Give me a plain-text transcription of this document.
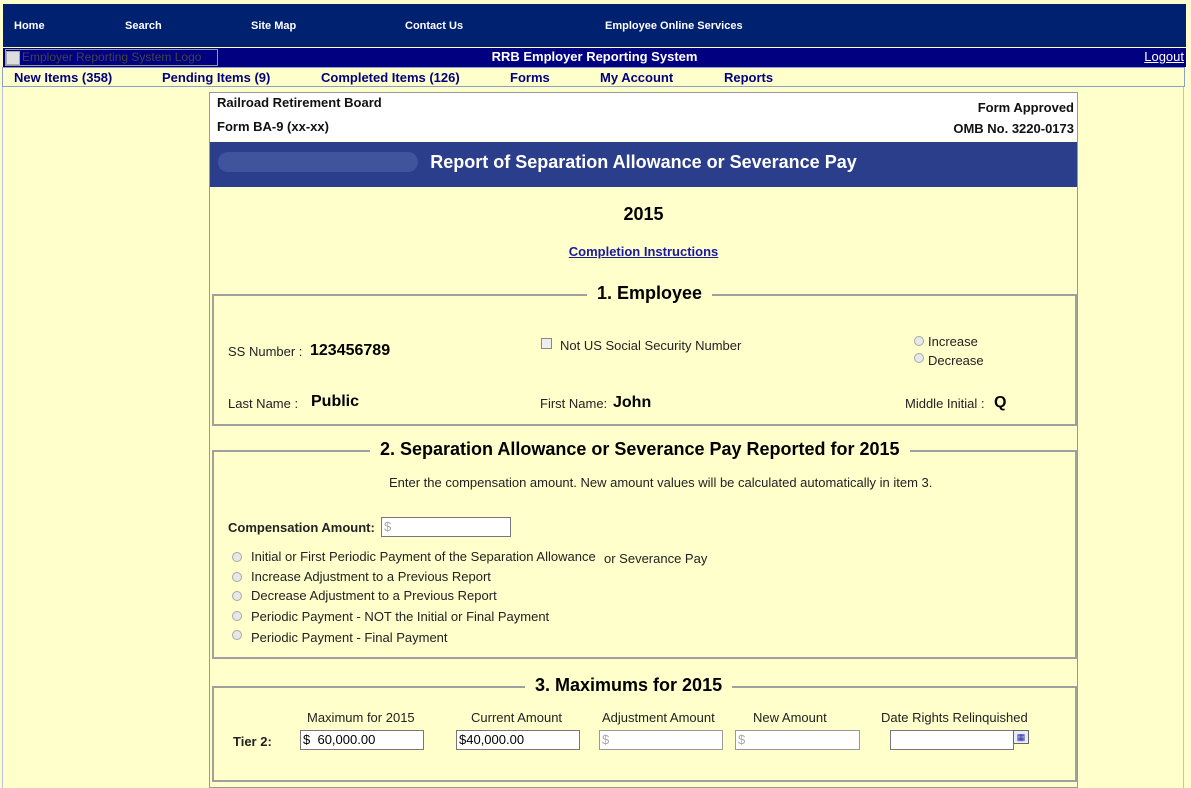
Home	Search	Site Map	Contact Us	Employee Online Services
Employer Reporting System Logo	RRB Employer Reporting System	Logout
New Items (358)	Pending Items (9)	Completed Items (126)	Forms	My Account	Reports
Railroad Retirement Board
Form BA-9 (xx-xx)
Form Approved
OMB No. 3220-0173
Report of Separation Allowance or Severance Pay
2015
Completion Instructions
1. Employee
SS Number : 123456789	Not US Social Security Number	Increase
Decrease
Last Name : Public	First Name: John	Middle Initial : Q
2. Separation Allowance or Severance Pay Reported for 2015
Enter the compensation amount. New amount values will be calculated automatically in item 3.
Compensation Amount: $
Initial or First Periodic Payment of the Separation Allowance or Severance Pay
Increase Adjustment to a Previous Report
Decrease Adjustment to a Previous Report
Periodic Payment - NOT the Initial or Final Payment
Periodic Payment - Final Payment
3. Maximums for 2015
Maximum for 2015	Current Amount	Adjustment Amount	New Amount	Date Rights Relinquished
Tier 2: $ 60,000.00	$40,000.00	$	$	▦
